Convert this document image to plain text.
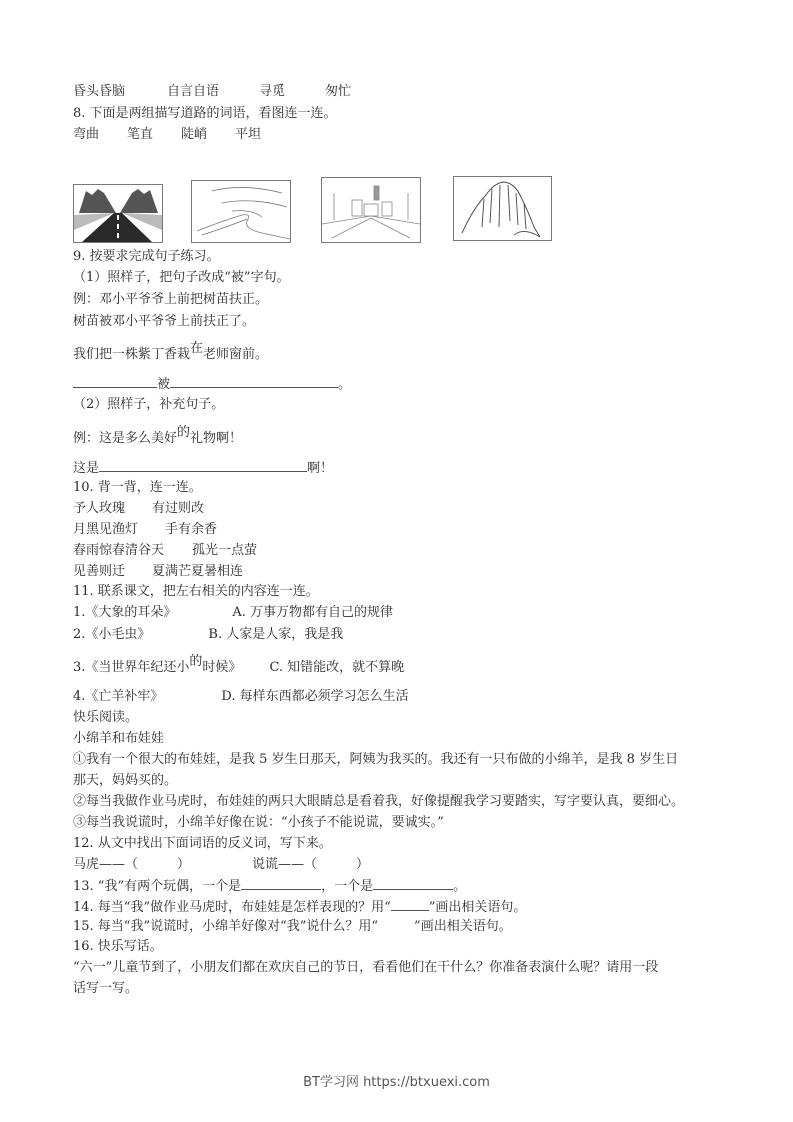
昏头昏脑	自言自语	寻觅	匆忙
8. 下面是两组描写道路的词语，看图连一连。
弯曲 笔直 陡峭 平坦
9. 按要求完成句子练习。
（1）照样子，把句子改成“被”字句。
例：邓小平爷爷上前把树苗扶正。
树苗被邓小平爷爷上前扶正了。
我们把一株紫丁香栽在老师窗前。
被	。
（2）照样子，补充句子。
例：这是多么美好的礼物啊！
这是	啊！
10. 背一背，连一连。
予人玫瑰 有过则改
月黑见渔灯 手有余香
春雨惊春清谷天 孤光一点萤
见善则迁 夏满芒夏暑相连
11. 联系课文，把左右相关的内容连一连。
1.《大象的耳朵》	A. 万事万物都有自己的规律
2.《小毛虫》	B. 人家是人家，我是我
3.《当世界年纪还小的时候》 C. 知错能改，就不算晚
4.《亡羊补牢》	D. 每样东西都必须学习怎么生活
快乐阅读。
小绵羊和布娃娃
①我有一个很大的布娃娃，是我 5 岁生日那天，阿姨为我买的。我还有一只布做的小绵羊，是我 8 岁生日
那天，妈妈买的。
②每当我做作业马虎时，布娃娃的两只大眼睛总是看着我，好像提醒我学习要踏实，写字要认真，要细心。
③每当我说谎时，小绵羊好像在说：“小孩子不能说谎，要诚实。”
12. 从文中找出下面词语的反义词，写下来。
马虎——（　　　）	说谎——（　　　）
13. “我”有两个玩偶，一个是	，一个是	。
14. 每当“我”做作业马虎时，布娃娃是怎样表现的？用“	”画出相关语句。
15. 每当“我”说谎时，小绵羊好像对“我”说什么？用“	”画出相关语句。
16. 快乐写话。
“六一”儿童节到了，小朋友们都在欢庆自己的节日，看看他们在干什么？你准备表演什么呢？请用一段
话写一写。
BT学习网 https://btxuexi.com
